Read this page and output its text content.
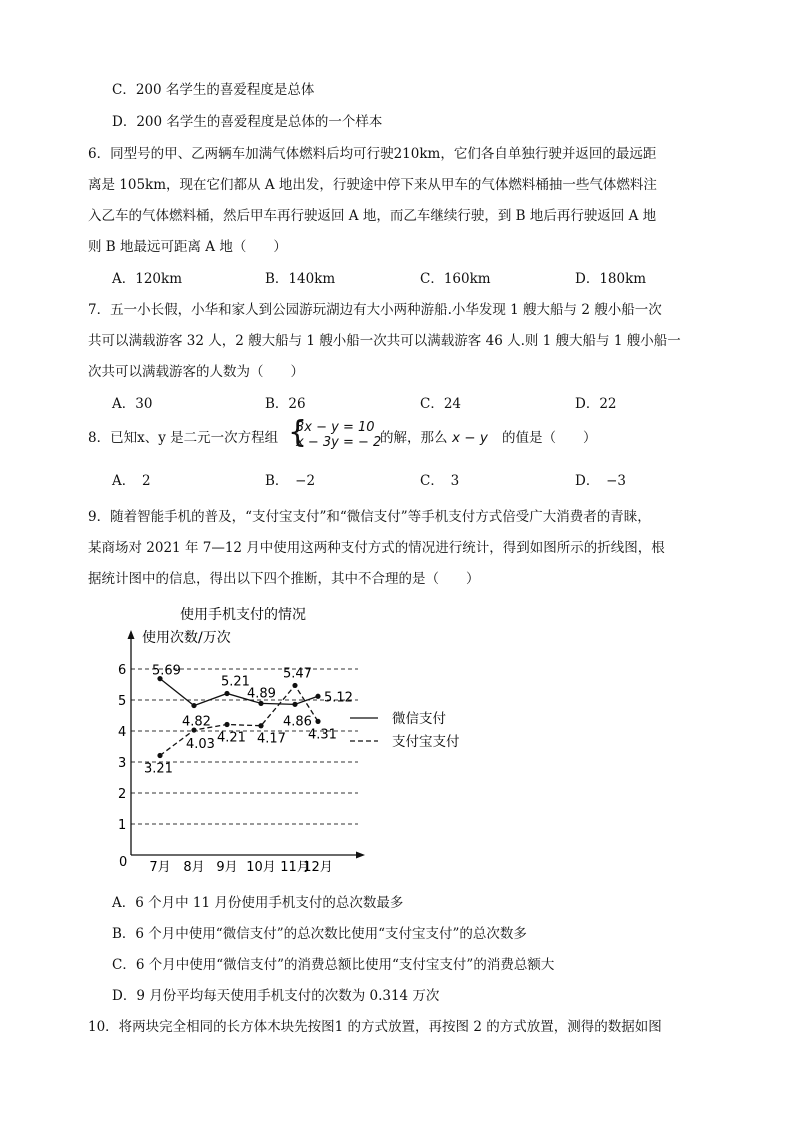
C．200 名学生的喜爱程度是总体
D．200 名学生的喜爱程度是总体的一个样本
6．同型号的甲、乙两辆车加满气体燃料后均可行驶210km，它们各自单独行驶并返回的最远距
离是 105km，现在它们都从 A 地出发，行驶途中停下来从甲车的气体燃料桶抽一些气体燃料注
入乙车的气体燃料桶，然后甲车再行驶返回 A 地，而乙车继续行驶，到 B 地后再行驶返回 A 地
则 B 地最远可距离 A 地（　　）
A．120km	B．140km	C．160km	D．180km
7．五一小长假，小华和家人到公园游玩湖边有大小两种游船.小华发现 1 艘大船与 2 艘小船一次
共可以满载游客 32 人，2 艘大船与 1 艘小船一次共可以满载游客 46 人.则 1 艘大船与 1 艘小船一
次共可以满载游客的人数为（　　）
A．30	B．26	C．24	D．22
8．已知x、y 是二元一次方程组 {
3x − y = 10
x − 3y = − 2
的解，那么 x − y 的值是（　　）
A．　2	B．　−2	C．　3	D．　−3
9．随着智能手机的普及，“支付宝支付”和“微信支付”等手机支付方式倍受广大消费者的青睐，
某商场对 2021 年 7—12 月中使用这两种支付方式的情况进行统计，得到如图所示的折线图，根
据统计图中的信息，得出以下四个推断，其中不合理的是（　　）
使用手机支付的情况
使用次数/万次
0
1
2
3
4
5
6
7月 8月 9月 10月 11月
12月
5.69
4.82
5.21
4.89
4.86
5.12
3.21
4.03 4.21 4.17
5.47
4.31
微信支付
支付宝支付
A．6 个月中 11 月份使用手机支付的总次数最多
B．6 个月中使用“微信支付”的总次数比使用“支付宝支付”的总次数多
C．6 个月中使用“微信支付”的消费总额比使用“支付宝支付”的消费总额大
D．9 月份平均每天使用手机支付的次数为 0.314 万次
10．将两块完全相同的长方体木块先按图1 的方式放置，再按图 2 的方式放置，测得的数据如图
